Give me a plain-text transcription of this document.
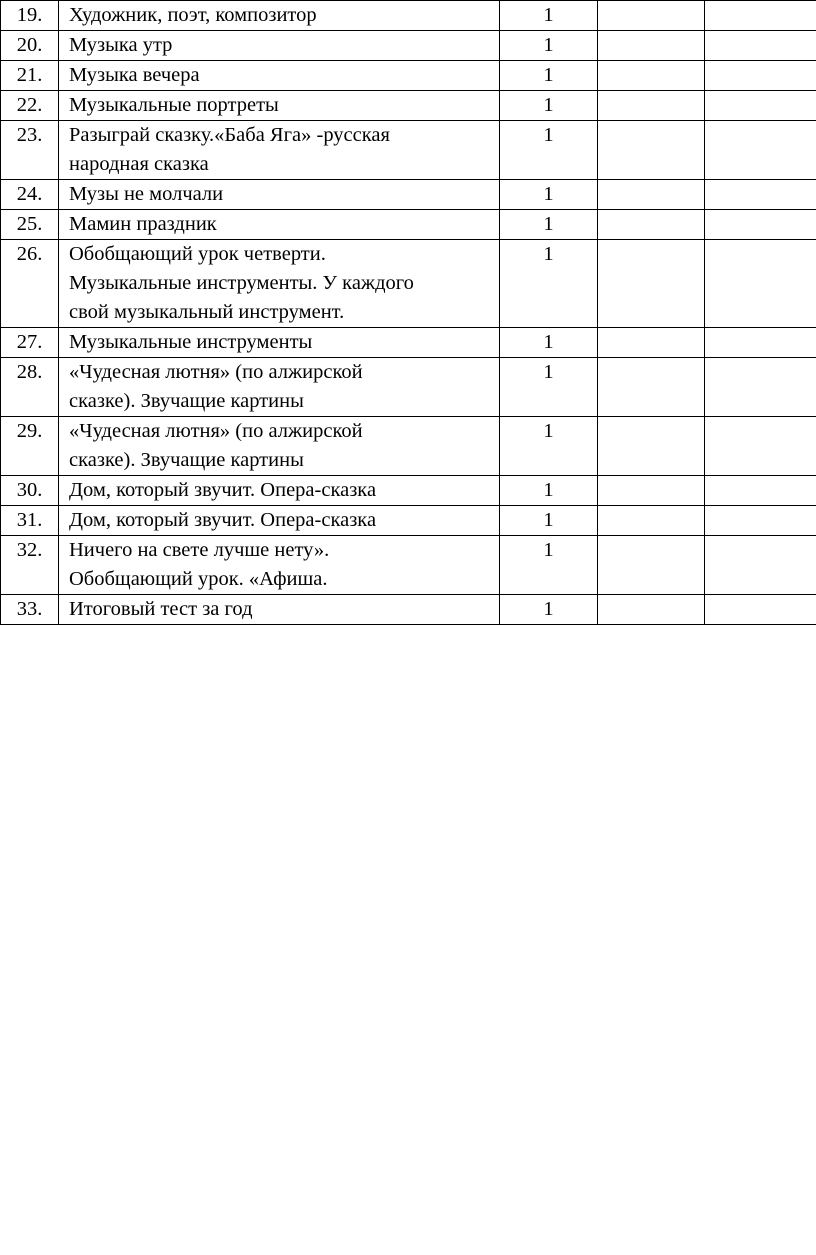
19.	Художник, поэт, композитор	1		
20.	Музыка утр	1		
21.	Музыка вечера	1		
22.	Музыкальные портреты	1		
23.	Разыграй сказку.«Баба Яга» -русская
народная сказка	1		
24.	Музы не молчали	1		
25.	Мамин праздник	1		
26.	Обобщающий урок четверти.
Музыкальные инструменты. У каждого
свой музыкальный инструмент.	1		
27.	Музыкальные инструменты	1		
28.	«Чудесная лютня» (по алжирской
сказке). Звучащие картины	1		
29.	«Чудесная лютня» (по алжирской
сказке). Звучащие картины	1		
30.	Дом, который звучит. Опера-сказка	1		
31.	Дом, который звучит. Опера-сказка	1		
32.	Ничего на свете лучше нету».
Обобщающий урок. «Афиша.	1		
33.	Итоговый тест за год	1		
